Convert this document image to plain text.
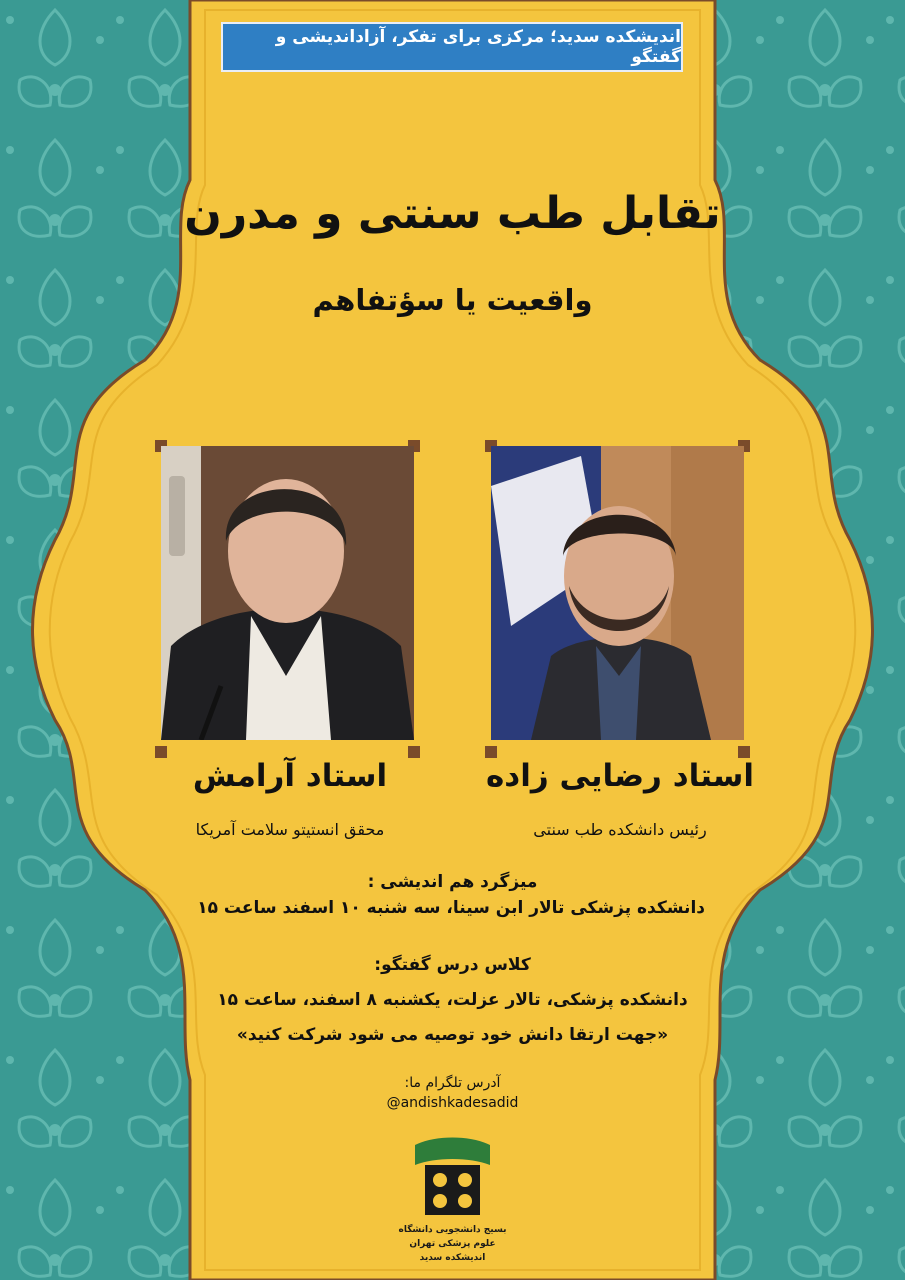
اندیشکده سدید؛ مرکزی برای تفکر، آزاداندیشی و گفتگو
تقابل طب سنتی و مدرن
واقعیت یا سؤتفاهم
استاد رضایی زاده
رئیس دانشکده طب سنتی
استاد آرامش
محقق انستیتو سلامت آمریکا
میزگرد هم اندیشی :
دانشکده پزشکی تالار ابن سینا، سه شنبه ۱۰ اسفند ساعت ۱۵
کلاس درس گفتگو:
دانشکده پزشکی، تالار عزلت، یکشنبه ۸ اسفند، ساعت ۱۵
«جهت ارتقا دانش خود توصیه می شود شرکت کنید»
آدرس تلگرام ما:
@andishkadesadid
بسیج دانشجویی دانشگاه
علوم پزشکی تهران
اندیشکده سدید
